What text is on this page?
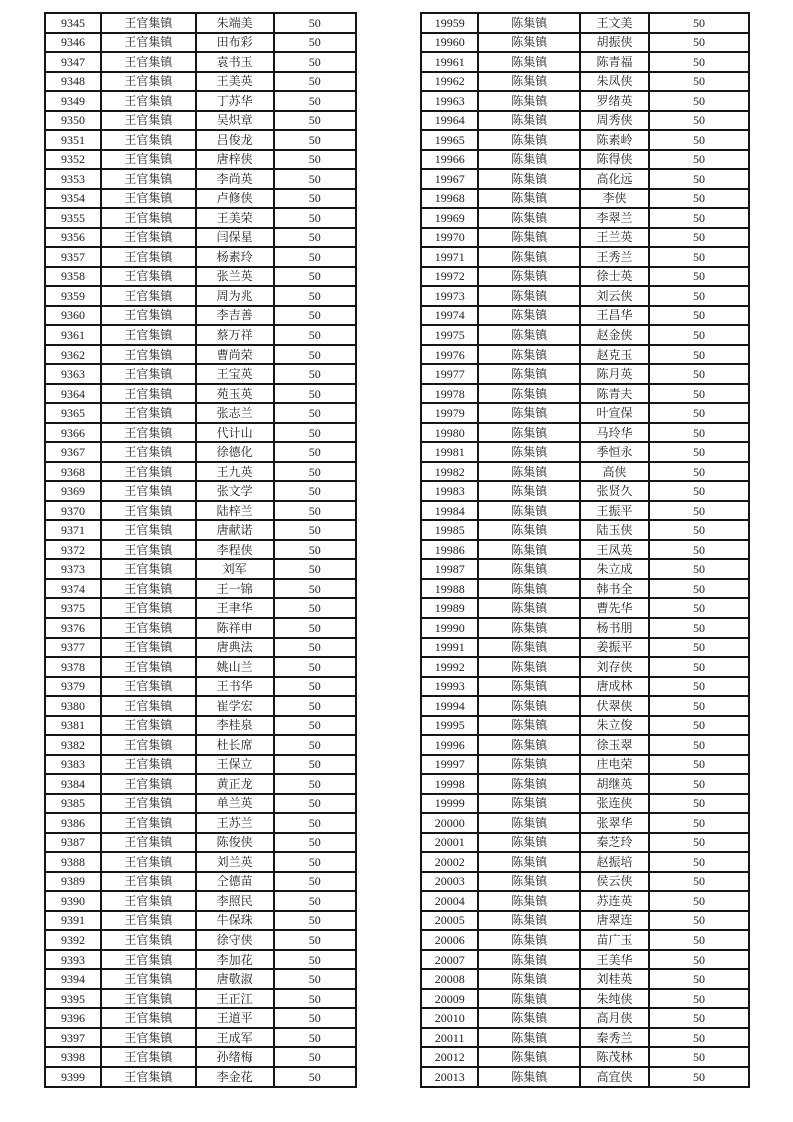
9345	王官集镇	朱端美	50
9346	王官集镇	田布彩	50
9347	王官集镇	袁书玉	50
9348	王官集镇	王美英	50
9349	王官集镇	丁苏华	50
9350	王官集镇	吴炽章	50
9351	王官集镇	吕俊龙	50
9352	王官集镇	唐梓侠	50
9353	王官集镇	李尚英	50
9354	王官集镇	卢修侠	50
9355	王官集镇	王美荣	50
9356	王官集镇	闫保星	50
9357	王官集镇	杨素玲	50
9358	王官集镇	张兰英	50
9359	王官集镇	周为兆	50
9360	王官集镇	李吉善	50
9361	王官集镇	蔡万祥	50
9362	王官集镇	曹尚荣	50
9363	王官集镇	王宝英	50
9364	王官集镇	苑玉英	50
9365	王官集镇	张志兰	50
9366	王官集镇	代计山	50
9367	王官集镇	徐德化	50
9368	王官集镇	王九英	50
9369	王官集镇	张文学	50
9370	王官集镇	陆梓兰	50
9371	王官集镇	唐献诺	50
9372	王官集镇	李程侠	50
9373	王官集镇	刘军	50
9374	王官集镇	王一锦	50
9375	王官集镇	王聿华	50
9376	王官集镇	陈祥申	50
9377	王官集镇	唐典法	50
9378	王官集镇	姚山兰	50
9379	王官集镇	王书华	50
9380	王官集镇	崔学宏	50
9381	王官集镇	李桂泉	50
9382	王官集镇	杜长席	50
9383	王官集镇	王保立	50
9384	王官集镇	黄正龙	50
9385	王官集镇	单兰英	50
9386	王官集镇	王苏兰	50
9387	王官集镇	陈俊侠	50
9388	王官集镇	刘兰英	50
9389	王官集镇	仝德苗	50
9390	王官集镇	李照民	50
9391	王官集镇	牛保珠	50
9392	王官集镇	徐守侠	50
9393	王官集镇	李加花	50
9394	王官集镇	唐敬淑	50
9395	王官集镇	王正江	50
9396	王官集镇	王道平	50
9397	王官集镇	王成军	50
9398	王官集镇	孙绪梅	50
9399	王官集镇	李金花	50
19959	陈集镇	王文美	50
19960	陈集镇	胡振侠	50
19961	陈集镇	陈青福	50
19962	陈集镇	朱凤侠	50
19963	陈集镇	罗绪英	50
19964	陈集镇	周秀侠	50
19965	陈集镇	陈素岭	50
19966	陈集镇	陈得侠	50
19967	陈集镇	高化远	50
19968	陈集镇	李侠	50
19969	陈集镇	李翠兰	50
19970	陈集镇	王兰英	50
19971	陈集镇	王秀兰	50
19972	陈集镇	徐士英	50
19973	陈集镇	刘云侠	50
19974	陈集镇	王昌华	50
19975	陈集镇	赵金侠	50
19976	陈集镇	赵克玉	50
19977	陈集镇	陈月英	50
19978	陈集镇	陈青夫	50
19979	陈集镇	叶宣保	50
19980	陈集镇	马玲华	50
19981	陈集镇	季恒永	50
19982	陈集镇	高侠	50
19983	陈集镇	张贤久	50
19984	陈集镇	王振平	50
19985	陈集镇	陆玉侠	50
19986	陈集镇	王凤英	50
19987	陈集镇	朱立成	50
19988	陈集镇	韩书全	50
19989	陈集镇	曹先华	50
19990	陈集镇	杨书朋	50
19991	陈集镇	姜振平	50
19992	陈集镇	刘存侠	50
19993	陈集镇	唐成林	50
19994	陈集镇	伏翠侠	50
19995	陈集镇	朱立俊	50
19996	陈集镇	徐玉翠	50
19997	陈集镇	庄电荣	50
19998	陈集镇	胡继英	50
19999	陈集镇	张连侠	50
20000	陈集镇	张翠华	50
20001	陈集镇	秦芝玲	50
20002	陈集镇	赵振培	50
20003	陈集镇	侯云侠	50
20004	陈集镇	苏连英	50
20005	陈集镇	唐翠连	50
20006	陈集镇	苗广玉	50
20007	陈集镇	王美华	50
20008	陈集镇	刘桂英	50
20009	陈集镇	朱纯侠	50
20010	陈集镇	高月侠	50
20011	陈集镇	秦秀兰	50
20012	陈集镇	陈茂林	50
20013	陈集镇	高宜侠	50
